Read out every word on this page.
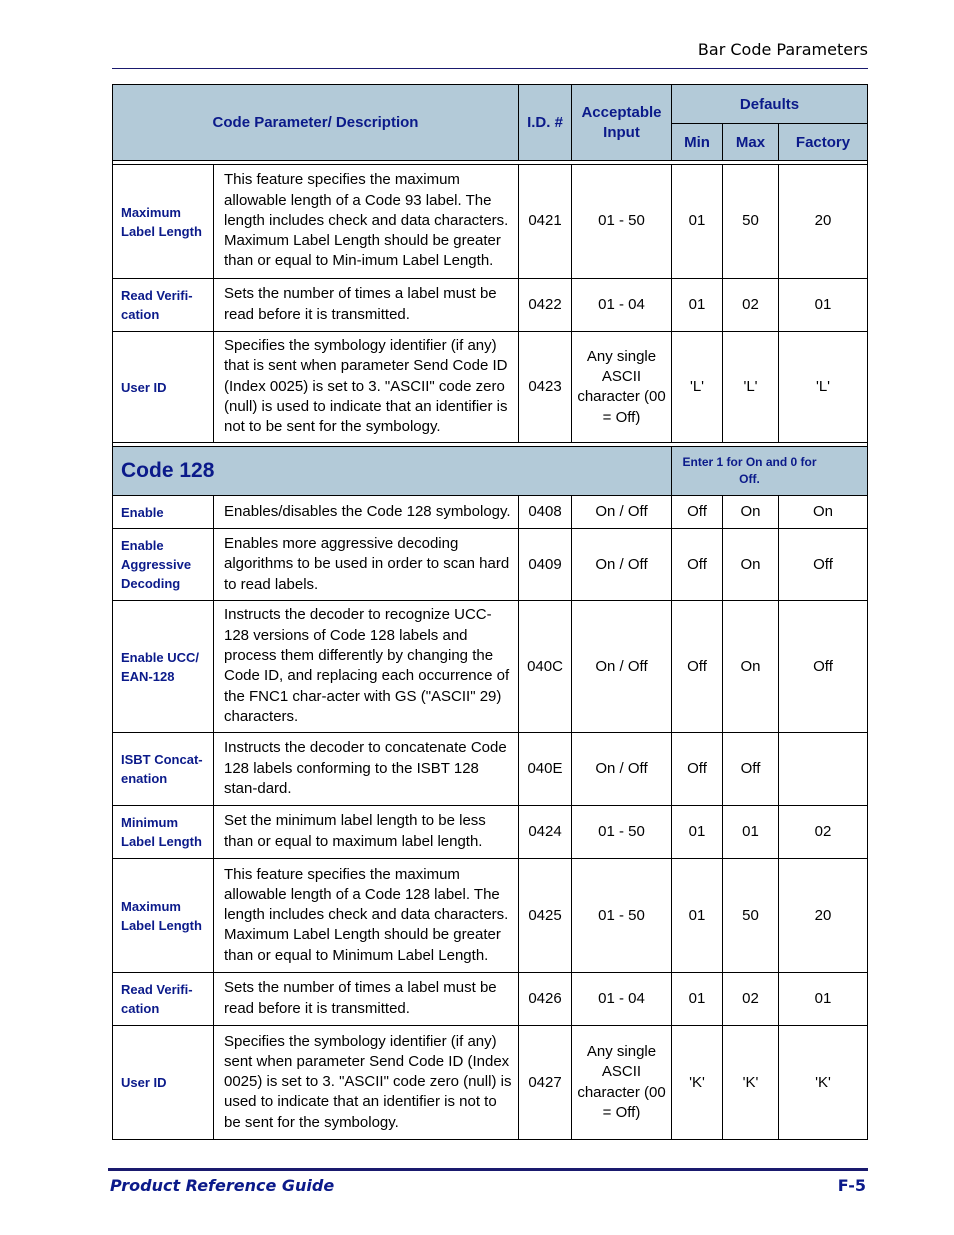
Bar Code Parameters
Code Parameter/ Description		I.D. #	Acceptable Input	Defaults		
				Min	Max	Factory

Maximum Label Length	This feature specifies the maximum allowable length of a Code 93 label. The length includes check and data characters. Maximum Label Length should be greater than or equal to Min-imum Label Length.	0421	01 - 50	01	50	20
Read Verifi-cation	Sets the number of times a label must be read before it is transmitted.	0422	01 - 04	01	02	01
User ID	Specifies the symbology identifier (if any) that is sent when parameter Send Code ID (Index 0025) is set to 3. "ASCII" code zero (null) is used to indicate that an identifier is not to be sent for the symbology.	0423	Any single ASCII character (00 = Off)	'L'	'L'	'L'

Code 128				Enter 1 for On and 0 for Off.		
Enable	Enables/disables the Code 128 symbology.	0408	On / Off	Off	On	On
Enable Aggressive Decoding	Enables more aggressive decoding algorithms to be used in order to scan hard to read labels.	0409	On / Off	Off	On	Off
Enable UCC/ EAN-128	Instructs the decoder to recognize UCC-128 versions of Code 128 labels and process them differently by changing the Code ID, and replacing each occurrence of the FNC1 char-acter with GS ("ASCII" 29) characters.	040C	On / Off	Off	On	Off
ISBT Concat-enation	Instructs the decoder to concatenate Code 128 labels conforming to the ISBT 128 stan-dard.	040E	On / Off	Off	Off	
Minimum Label Length	Set the minimum label length to be less than or equal to maximum label length.	0424	01 - 50	01	01	02
Maximum Label Length	This feature specifies the maximum allowable length of a Code 128 label. The length includes check and data characters. Maximum Label Length should be greater than or equal to Minimum Label Length.	0425	01 - 50	01	50	20
Read Verifi-cation	Sets the number of times a label must be read before it is transmitted.	0426	01 - 04	01	02	01
User ID	Specifies the symbology identifier (if any) sent when parameter Send Code ID (Index 0025) is set to 3. "ASCII" code zero (null) is used to indicate that an identifier is not to be sent for the symbology.	0427	Any single ASCII character (00 = Off)	'K'	'K'	'K'
Product Reference Guide	F-5
